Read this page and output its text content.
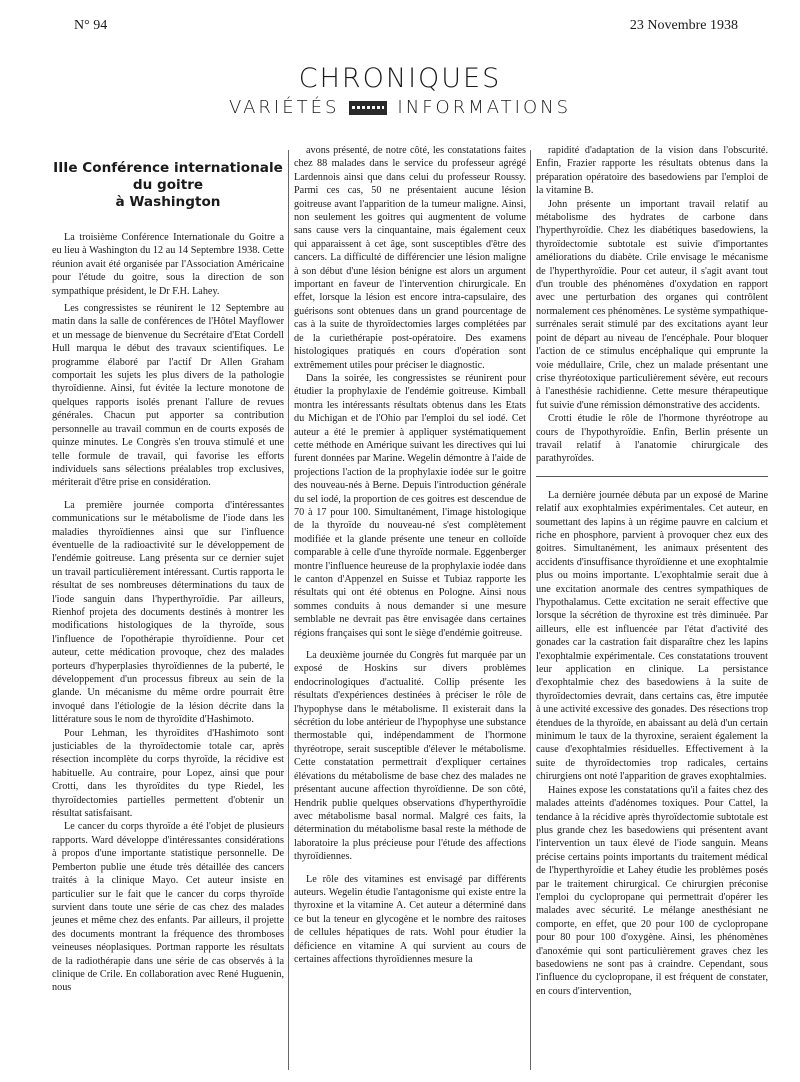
N° 94	23 Novembre 1938
CHRONIQUES
VARIÉTÉS	INFORMATIONS
IIIe Conférence internationale
du goitre
à Washington

La troisième Conférence Internationale du Goitre a eu lieu à Washington du 12 au 14 Septembre 1938. Cette réunion avait été organisée par l'Association Américaine pour l'étude du goitre, sous la direction de son sympathique président, le Dr F.H. Lahey.

Les congressistes se réunirent le 12 Septembre au matin dans la salle de conférences de l'Hôtel Mayflower et un message de bienvenue du Secrétaire d'Etat Cordell Hull marqua le début des travaux scientifiques. Le programme élaboré par l'actif Dr Allen Graham comportait les sujets les plus divers de la pathologie thyroïdienne. Ainsi, fut évitée la lecture monotone de quelques rapports isolés prenant l'allure de revues générales. Chacun put apporter sa contribution personnelle au travail commun en de courts exposés de quinze minutes. Le Congrès s'en trouva stimulé et une telle formule de travail, qui favorise les efforts individuels sans sélections préalables trop exclusives, mériterait d'être prise en considération.

La première journée comporta d'intéressantes communications sur le métabolisme de l'iode dans les maladies thyroïdiennes ainsi que sur l'influence éventuelle de la radioactivité sur le développement de l'endémie goitreuse. Lang présenta sur ce dernier sujet un travail particulièrement intéressant. Curtis rapporta le résultat de ses nombreuses déterminations du taux de l'iode sanguin dans l'hyperthyroïdie. Par ailleurs, Rienhof projeta des documents destinés à montrer les modifications histologiques de la thyroïde, sous l'influence de l'opothérapie thyroïdienne. Pour cet auteur, cette médication provoque, chez des malades porteurs d'hyperplasies thyroïdiennes de la puberté, le développement d'un processus fibreux au sein de la glande. Un mécanisme du même ordre pourrait être invoqué dans l'étiologie de la lésion décrite dans la littérature sous le nom de thyroïdite d'Hashimoto.

Pour Lehman, les thyroïdites d'Hashimoto sont justiciables de la thyroïdectomie totale car, après résection incomplète du corps thyroïde, la récidive est habituelle. Au contraire, pour Lopez, ainsi que pour Crotti, dans les thyroïdites du type Riedel, les thyroïdectomies partielles permettent d'obtenir un résultat satisfaisant.

Le cancer du corps thyroïde a été l'objet de plusieurs rapports. Ward développe d'intéressantes considérations à propos d'une importante statistique personnelle. De Pemberton publie une étude très détaillée des cancers traités à la clinique Mayo. Cet auteur insiste en particulier sur le fait que le cancer du corps thyroïde survient dans toute une série de cas chez des malades jeunes et même chez des enfants. Par ailleurs, il projette des documents montrant la fréquence des thromboses veineuses néoplasiques. Portman rapporte les résultats de la radiothérapie dans une série de cas observés à la clinique de Crile. En collaboration avec René Huguenin, nous

avons présenté, de notre côté, les constatations faites chez 88 malades dans le service du professeur agrégé Lardennois ainsi que dans celui du professeur Roussy. Parmi ces cas, 50 ne présentaient aucune lésion goitreuse avant l'apparition de la tumeur maligne. Ainsi, non seulement les goitres qui augmentent de volume sans cause vers la cinquantaine, mais également ceux qui apparaissent à cet âge, sont susceptibles d'être des cancers. La difficulté de différencier une lésion maligne à son début d'une lésion bénigne est alors un argument important en faveur de l'intervention chirurgicale. En effet, lorsque la lésion est encore intra-capsulaire, des guérisons sont obtenues dans un grand pourcentage de cas à la suite de thyroïdectomies larges complétées par de la curiethérapie post-opératoire. Des examens histologiques pratiqués en cours d'opération sont extrêmement utiles pour préciser le diagnostic.

Dans la soirée, les congressistes se réunirent pour étudier la prophylaxie de l'endémie goitreuse. Kimball montra les intéressants résultats obtenus dans les Etats du Michigan et de l'Ohio par l'emploi du sel iodé. Cet auteur a été le premier à appliquer systématiquement cette méthode en Amérique suivant les directives qui lui furent données par Marine. Wegelin démontre à l'aide de projections l'action de la prophylaxie iodée sur le goitre des nouveau-nés à Berne. Depuis l'introduction générale du sel iodé, la proportion de ces goitres est descendue de 70 à 17 pour 100. Simultanément, l'image histologique de la thyroïde du nouveau-né s'est complètement modifiée et la glande présente une teneur en colloïde comparable à celle d'une thyroïde normale. Eggenberger montre l'influence heureuse de la prophylaxie iodée dans le canton d'Appenzel en Suisse et Tubiaz rapporte les résultats qui ont été obtenus en Pologne. Ainsi nous sommes conduits à nous demander si une mesure semblable ne devrait pas être envisagée dans certaines régions françaises qui sont le siège d'endémie goitreuse.

La deuxième journée du Congrès fut marquée par un exposé de Hoskins sur divers problèmes endocrinologiques d'actualité. Collip présente les résultats d'expériences destinées à préciser le rôle de l'hypophyse dans le métabolisme. Il existerait dans la sécrétion du lobe antérieur de l'hypophyse une substance thermostable qui, indépendamment de l'hormone thyréotrope, serait susceptible d'élever le métabolisme. Cette constatation permettrait d'expliquer certaines élévations du métabolisme de base chez des malades ne présentant aucune affection thyroïdienne. De son côté, Hendrik publie quelques observations d'hyperthyroïdie avec métabolisme basal normal. Malgré ces faits, la détermination du métabolisme basal reste la méthode de laboratoire la plus précieuse pour l'étude des affections thyroïdiennes.

Le rôle des vitamines est envisagé par différents auteurs. Wegelin étudie l'antagonisme qui existe entre la thyroxine et la vitamine A. Cet auteur a déterminé dans ce but la teneur en glycogène et le nombre des raitoses de cellules hépatiques de rats. Wohl pour étudier la déficience en vitamine A qui survient au cours de certaines affections thyroïdiennes mesure la

rapidité d'adaptation de la vision dans l'obscurité. Enfin, Frazier rapporte les résultats obtenus dans la préparation opératoire des basedowiens par l'emploi de la vitamine B.

John présente un important travail relatif au métabolisme des hydrates de carbone dans l'hyperthyroïdie. Chez les diabétiques basedowiens, la thyroïdectomie subtotale est suivie d'importantes améliorations du diabète. Crile envisage le mécanisme de l'hyperthyroïdie. Pour cet auteur, il s'agit avant tout d'un trouble des phénomènes d'oxydation en rapport avec une perturbation des organes qui contrôlent normalement ces phénomènes. Le système sympathique-surrénales serait stimulé par des excitations ayant leur point de départ au niveau de l'encéphale. Pour bloquer l'action de ce stimulus encéphalique qui emprunte la voie médullaire, Crile, chez un malade présentant une crise thyréotoxique particulièrement sévère, eut recours à l'anesthésie rachidienne. Cette mesure thérapeutique fut suivie d'une rémission démonstrative des accidents.

Crotti étudie le rôle de l'hormone thyréotrope au cours de l'hypothyroïdie. Enfin, Berlin présente un travail relatif à l'anatomie chirurgicale des parathyroïdes.

La dernière journée débuta par un exposé de Marine relatif aux exophtalmies expérimentales. Cet auteur, en soumettant des lapins à un régime pauvre en calcium et riche en phosphore, parvient à provoquer chez eux des goitres. Simultanément, les animaux présentent des accidents d'insuffisance thyroïdienne et une exophtalmie plus ou moins importante. L'exophtalmie serait due à une excitation anormale des centres sympathiques de l'hypothalamus. Cette excitation ne serait effective que lorsque la sécrétion de thyroxine est très diminuée. Par ailleurs, elle est influencée par l'état d'activité des gonades car la castration fait disparaître chez les lapins l'exophtalmie expérimentale. Ces constatations trouvent leur application en clinique. La persistance d'exophtalmie chez des basedowiens à la suite de thyroïdectomies devrait, dans certains cas, être imputée à une activité excessive des gonades. Des résections trop étendues de la thyroïde, en abaissant au delà d'un certain minimum le taux de la thyroxine, seraient également la cause d'exophtalmies résiduelles. Effectivement à la suite de thyroïdectomies trop radicales, certains chirurgiens ont noté l'apparition de graves exophtalmies.

Haines expose les constatations qu'il a faites chez des malades atteints d'adénomes toxiques. Pour Cattel, la tendance à la récidive après thyroïdectomie subtotale est plus grande chez les basedowiens qui présentent avant l'intervention un taux élevé de l'iode sanguin. Means précise certains points importants du traitement médical de l'hyperthyroïdie et Lahey étudie les problèmes posés par le traitement chirurgical. Ce chirurgien préconise l'emploi du cyclopropane qui permettrait d'opérer les malades avec sécurité. Le mélange anesthésiant ne comporte, en effet, que 20 pour 100 de cyclopropane pour 80 pour 100 d'oxygène. Ainsi, les phénomènes d'anoxémie qui sont particulièrement graves chez les basedowiens ne sont pas à craindre. Cependant, sous l'influence du cyclopropane, il est fréquent de constater, en cours d'intervention,
